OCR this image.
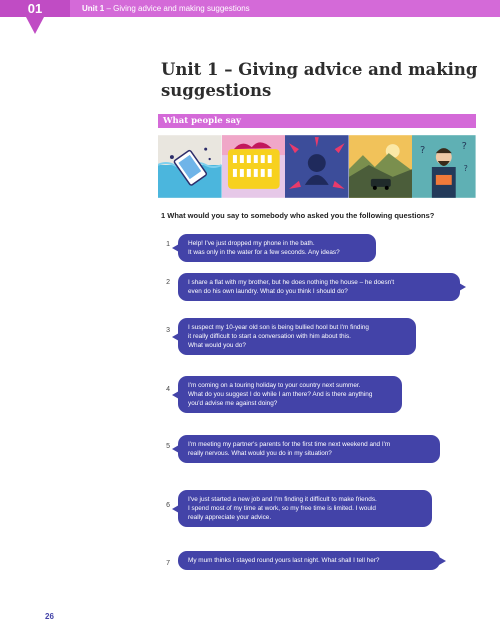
01	Unit 1 – Giving advice and making suggestions
Unit 1 – Giving advice and making suggestions
What people say
?	?
?
1 What would you say to somebody who asked you the following questions?
1	Help! I've just dropped my phone in the bath.
It was only in the water for a few seconds. Any ideas?
2	I share a flat with my brother, but he does nothing the house – he doesn't
even do his own laundry. What do you think I should do?
3	I suspect my 10-year old son is being bullied hool but I'm finding
it really difficult to start a conversation with him about this.
What would you do?
4
I'm coming on a touring holiday to your country next summer.
What do you suggest I do while I am there? And is there anything
you'd advise me against doing?
5	I'm meeting my partner's parents for the first time next weekend and I'm
really nervous. What would you do in my situation?
6
I've just started a new job and I'm finding it difficult to make friends.
I spend most of my time at work, so my free time is limited. I would
really appreciate your advice.
7	My mum thinks I stayed round yours last night. What shall I tell her?
26
